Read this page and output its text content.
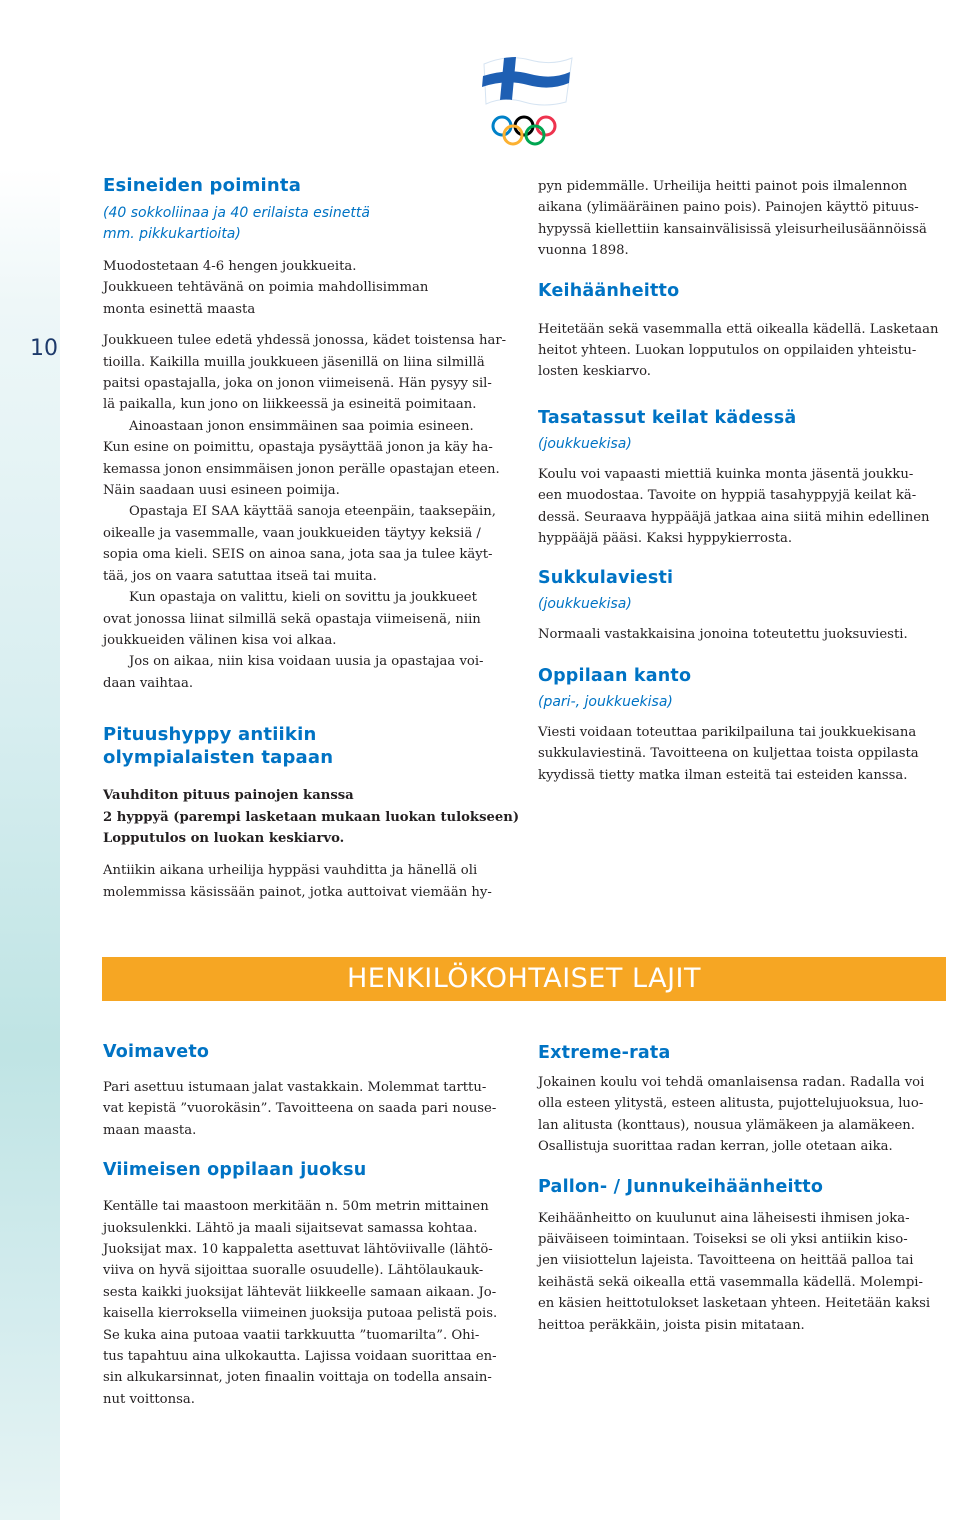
10
Esineiden poiminta
(40 sokkoliinaa ja 40 erilaista esinettä
mm. pikkukartioita)

Muodostetaan 4-6 hengen joukkueita.

Joukkueen tehtävänä on poimia mahdollisimman

monta esinettä maasta

Joukkueen tulee edetä yhdessä jonossa, kädet toistensa har-

tioilla. Kaikilla muilla joukkueen jäsenillä on liina silmillä

paitsi opastajalla, joka on jonon viimeisenä. Hän pysyy sil-

lä paikalla, kun jono on liikkeessä ja esineitä poimitaan.

Ainoastaan jonon ensimmäinen saa poimia esineen.

Kun esine on poimittu, opastaja pysäyttää jonon ja käy ha-

kemassa jonon ensimmäisen jonon perälle opastajan eteen.

Näin saadaan uusi esineen poimija.

Opastaja EI SAA käyttää sanoja eteenpäin, taaksepäin,

oikealle ja vasemmalle, vaan joukkueiden täytyy keksiä /

sopia oma kieli. SEIS on ainoa sana, jota saa ja tulee käyt-

tää, jos on vaara satuttaa itseä tai muita.

Kun opastaja on valittu, kieli on sovittu ja joukkueet

ovat jonossa liinat silmillä sekä opastaja viimeisenä, niin

joukkueiden välinen kisa voi alkaa.

Jos on aikaa, niin kisa voidaan uusia ja opastajaa voi-

daan vaihtaa.

Pituushyppy antiikin
olympialaisten tapaan

Vauhditon pituus painojen kanssa

2 hyppyä (parempi lasketaan mukaan luokan tulokseen)

Lopputulos on luokan keskiarvo.

Antiikin aikana urheilija hyppäsi vauhditta ja hänellä oli

molemmissa käsissään painot, jotka auttoivat viemään hy-

pyn pidemmälle. Urheilija heitti painot pois ilmalennon

aikana (ylimääräinen paino pois). Painojen käyttö pituus-

hypyssä kiellettiin kansainvälisissä yleisurheilusäännöissä

vuonna 1898.

Keihäänheitto

Heitetään sekä vasemmalla että oikealla kädellä. Lasketaan

heitot yhteen. Luokan lopputulos on oppilaiden yhteistu-

losten keskiarvo.

Tasatassut keilat kädessä
(joukkuekisa)

Koulu voi vapaasti miettiä kuinka monta jäsentä joukku-

een muodostaa. Tavoite on hyppiä tasahyppyjä keilat kä-

dessä. Seuraava hyppääjä jatkaa aina siitä mihin edellinen

hyppääjä pääsi. Kaksi hyppykierrosta.

Sukkulaviesti
(joukkuekisa)

Normaali vastakkaisina jonoina toteutettu juoksuviesti.

Oppilaan kanto
(pari-, joukkuekisa)

Viesti voidaan toteuttaa parikilpailuna tai joukkuekisana

sukkulaviestinä. Tavoitteena on kuljettaa toista oppilasta

kyydissä tietty matka ilman esteitä tai esteiden kanssa.

HENKILÖKOHTAISET LAJIT
Voimaveto

Pari asettuu istumaan jalat vastakkain. Molemmat tarttu-

vat kepistä ”vuorokäsin”. Tavoitteena on saada pari nouse-

maan maasta.

Viimeisen oppilaan juoksu

Kentälle tai maastoon merkitään n. 50m metrin mittainen

juoksulenkki. Lähtö ja maali sijaitsevat samassa kohtaa.

Juoksijat max. 10 kappaletta asettuvat lähtöviivalle (lähtö-

viiva on hyvä sijoittaa suoralle osuudelle). Lähtölaukauk-

sesta kaikki juoksijat lähtevät liikkeelle samaan aikaan. Jo-

kaisella kierroksella viimeinen juoksija putoaa pelistä pois.

Se kuka aina putoaa vaatii tarkkuutta ”tuomarilta”. Ohi-

tus tapahtuu aina ulkokautta. Lajissa voidaan suorittaa en-

sin alkukarsinnat, joten finaalin voittaja on todella ansain-

nut voittonsa.

Extreme-rata

Jokainen koulu voi tehdä omanlaisensa radan. Radalla voi

olla esteen ylitystä, esteen alitusta, pujottelujuoksua, luo-

lan alitusta (konttaus), nousua ylämäkeen ja alamäkeen.

Osallistuja suorittaa radan kerran, jolle otetaan aika.

Pallon- / Junnukeihäänheitto

Keihäänheitto on kuulunut aina läheisesti ihmisen joka-

päiväiseen toimintaan. Toiseksi se oli yksi antiikin kiso-

jen viisiottelun lajeista. Tavoitteena on heittää palloa tai

keihästä sekä oikealla että vasemmalla kädellä. Molempi-

en käsien heittotulokset lasketaan yhteen. Heitetään kaksi

heittoa peräkkäin, joista pisin mitataan.
